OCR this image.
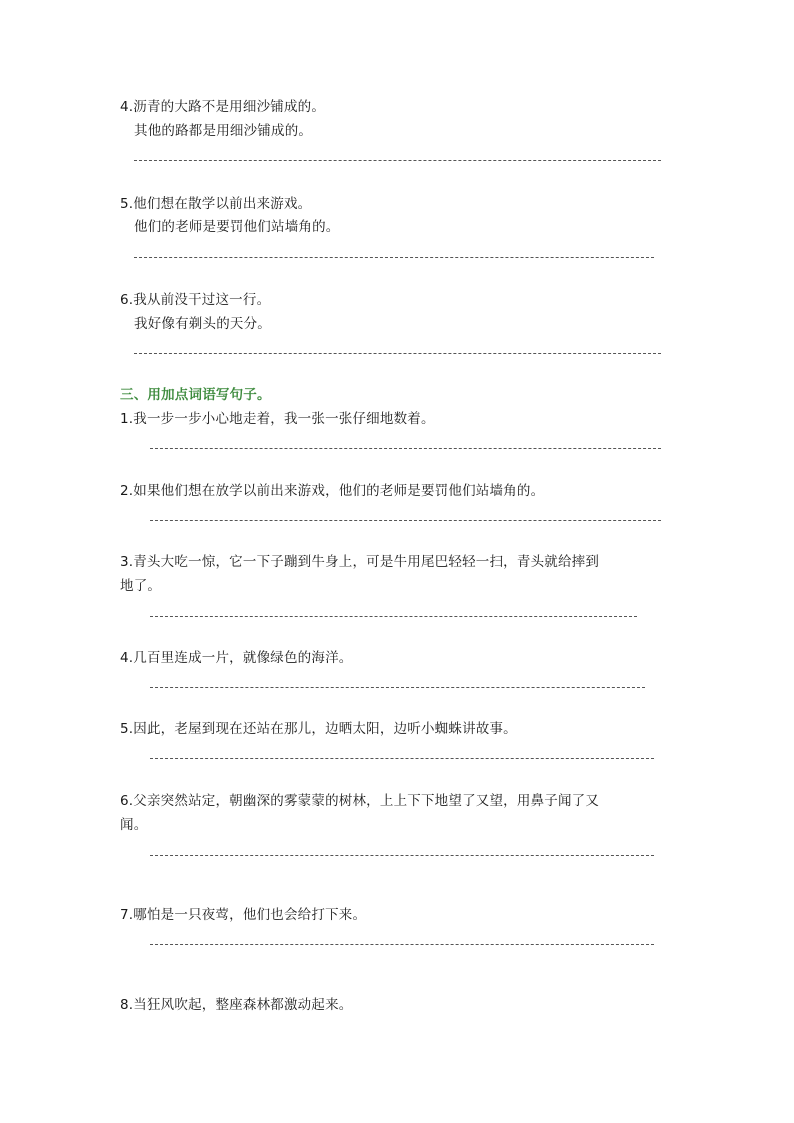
4.沥青的大路不是用细沙铺成的。
其他的路都是用细沙铺成的。
5.他们想在散学以前出来游戏。
他们的老师是要罚他们站墙角的。
6.我从前没干过这一行。
我好像有剃头的天分。
三、用加点词语写句子。
1.我一步一步小心地走着，我一张一张仔细地数着。
2.如果他们想在放学以前出来游戏，他们的老师是要罚他们站墙角的。
3.青头大吃一惊，它一下子蹦到牛身上，可是牛用尾巴轻轻一扫，青头就给摔到
地了。
4.几百里连成一片，就像绿色的海洋。
5.因此，老屋到现在还站在那儿，边晒太阳，边听小蜘蛛讲故事。
6.父亲突然站定，朝幽深的雾蒙蒙的树林，上上下下地望了又望，用鼻子闻了又
闻。
7.哪怕是一只夜莺，他们也会给打下来。
8.当狂风吹起，整座森林都激动起来。
